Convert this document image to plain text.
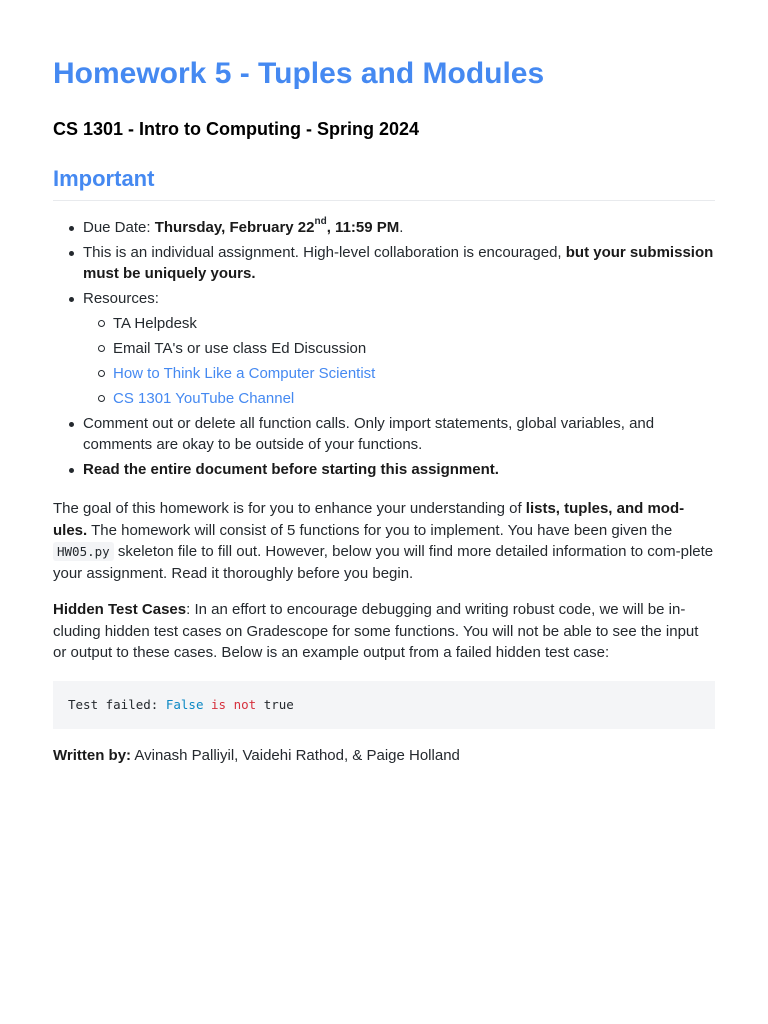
Homework 5 - Tuples and Modules
CS 1301 - Intro to Computing - Spring 2024
Important
Due Date: Thursday, February 22nd, 11:59 PM.
This is an individual assignment. High-level collaboration is encouraged, but your submission must be uniquely yours.
Resources:
TA Helpdesk
Email TA's or use class Ed Discussion
How to Think Like a Computer Scientist
CS 1301 YouTube Channel
Comment out or delete all function calls. Only import statements, global variables, and comments are okay to be outside of your functions.
Read the entire document before starting this assignment.

The goal of this homework is for you to enhance your understanding of lists, tuples, and mod-ules. The homework will consist of 5 functions for you to implement. You have been given the HW05.py skeleton file to fill out. However, below you will find more detailed information to com-plete your assignment. Read it thoroughly before you begin.

Hidden Test Cases: In an effort to encourage debugging and writing robust code, we will be in-cluding hidden test cases on Gradescope for some functions. You will not be able to see the input or output to these cases. Below is an example output from a failed hidden test case:

Test failed: False is not true

Written by: Avinash Palliyil, Vaidehi Rathod, & Paige Holland
